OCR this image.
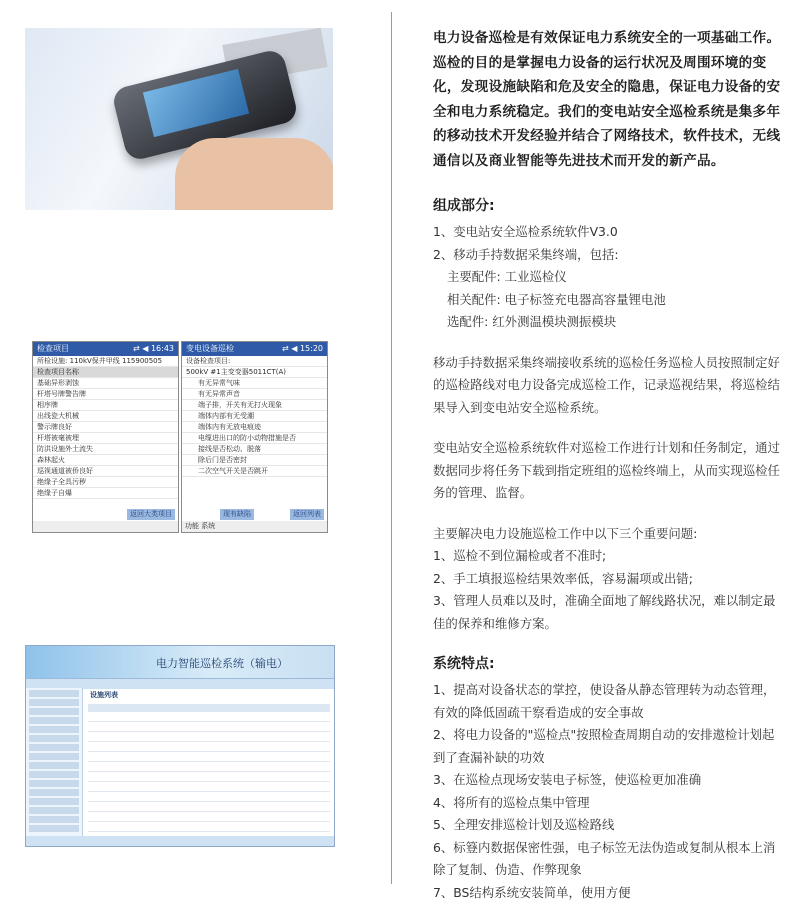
检查项目	⇄ ◀ 16:43
所检设施: 110kV保井甲线 115900505
检查项目名称
基础异形剥蚀
杆塔号牌警告牌
相序牌
出线瓷大机械
警示牌良好
杆塔被毫被埋
防洪设施外土流失
森林起火
巡视通道被侨良好
绝缘子全具污秽
绝缘子自爆
返回大类项目
变电设备巡检	⇄ ◀ 15:20
设备检查项目:
500kV #1主变变器5011CT(A)
有无异常气味
有无异常声音
端子排，开关有无打火现象
端体内部有无受潮
端体内有无放电痕迹
电缆进出口的防小动物措施是否
接线是否松动、脱落
除后门是否密封
二次空气开关是否跳开
现有缺陷	返回列表
功能 系统
电力智能巡检系统（输电）
设施列表

电力设备巡检是有效保证电力系统安全的一项基础工作。巡检的目的是掌握电力设备的运行状况及周围环境的变化，发现设施缺陷和危及安全的隐患，保证电力设备的安全和电力系统稳定。我们的变电站安全巡检系统是集多年的移动技术开发经验并结合了网络技术，软件技术，无线通信以及商业智能等先进技术而开发的新产品。

组成部分:

1、变电站安全巡检系统软件V3.0

2、移动手持数据采集终端，包括:

主要配件: 工业巡检仪

相关配件: 电子标签充电器高容量锂电池

选配件: 红外测温模块测振模块

移动手持数据采集终端接收系统的巡检任务巡检人员按照制定好的巡检路线对电力设备完成巡检工作，记录巡视结果，将巡检结果导入到变电站安全巡检系统。

变电站安全巡检系统软件对巡检工作进行计划和任务制定，通过数据同步将任务下载到指定班组的巡检终端上，从而实现巡检任务的管理、监督。

主要解决电力设施巡检工作中以下三个重要问题:

1、巡检不到位漏检或者不准时;

2、手工填报巡检结果效率低，容易漏项或出错;

3、管理人员难以及时，准确全面地了解线路状况，难以制定最佳的保养和维修方案。

系统特点:

1、提高对设备状态的掌控，使设备从静态管理转为动态管理，有效的降低固疏干察看造成的安全事故

2、将电力设备的"巡检点"按照检查周期自动的安排遨检计划起到了查漏补缺的功效

3、在巡检点现场安装电子标签，使巡检更加准确

4、将所有的巡检点集中管理

5、全理安排巡检计划及巡检路线

6、标簦内数据保密性强，电子标笠无法伪造或复制从根本上消除了复制、伪造、作弊现象

7、BS结构系统安装简单，使用方便
